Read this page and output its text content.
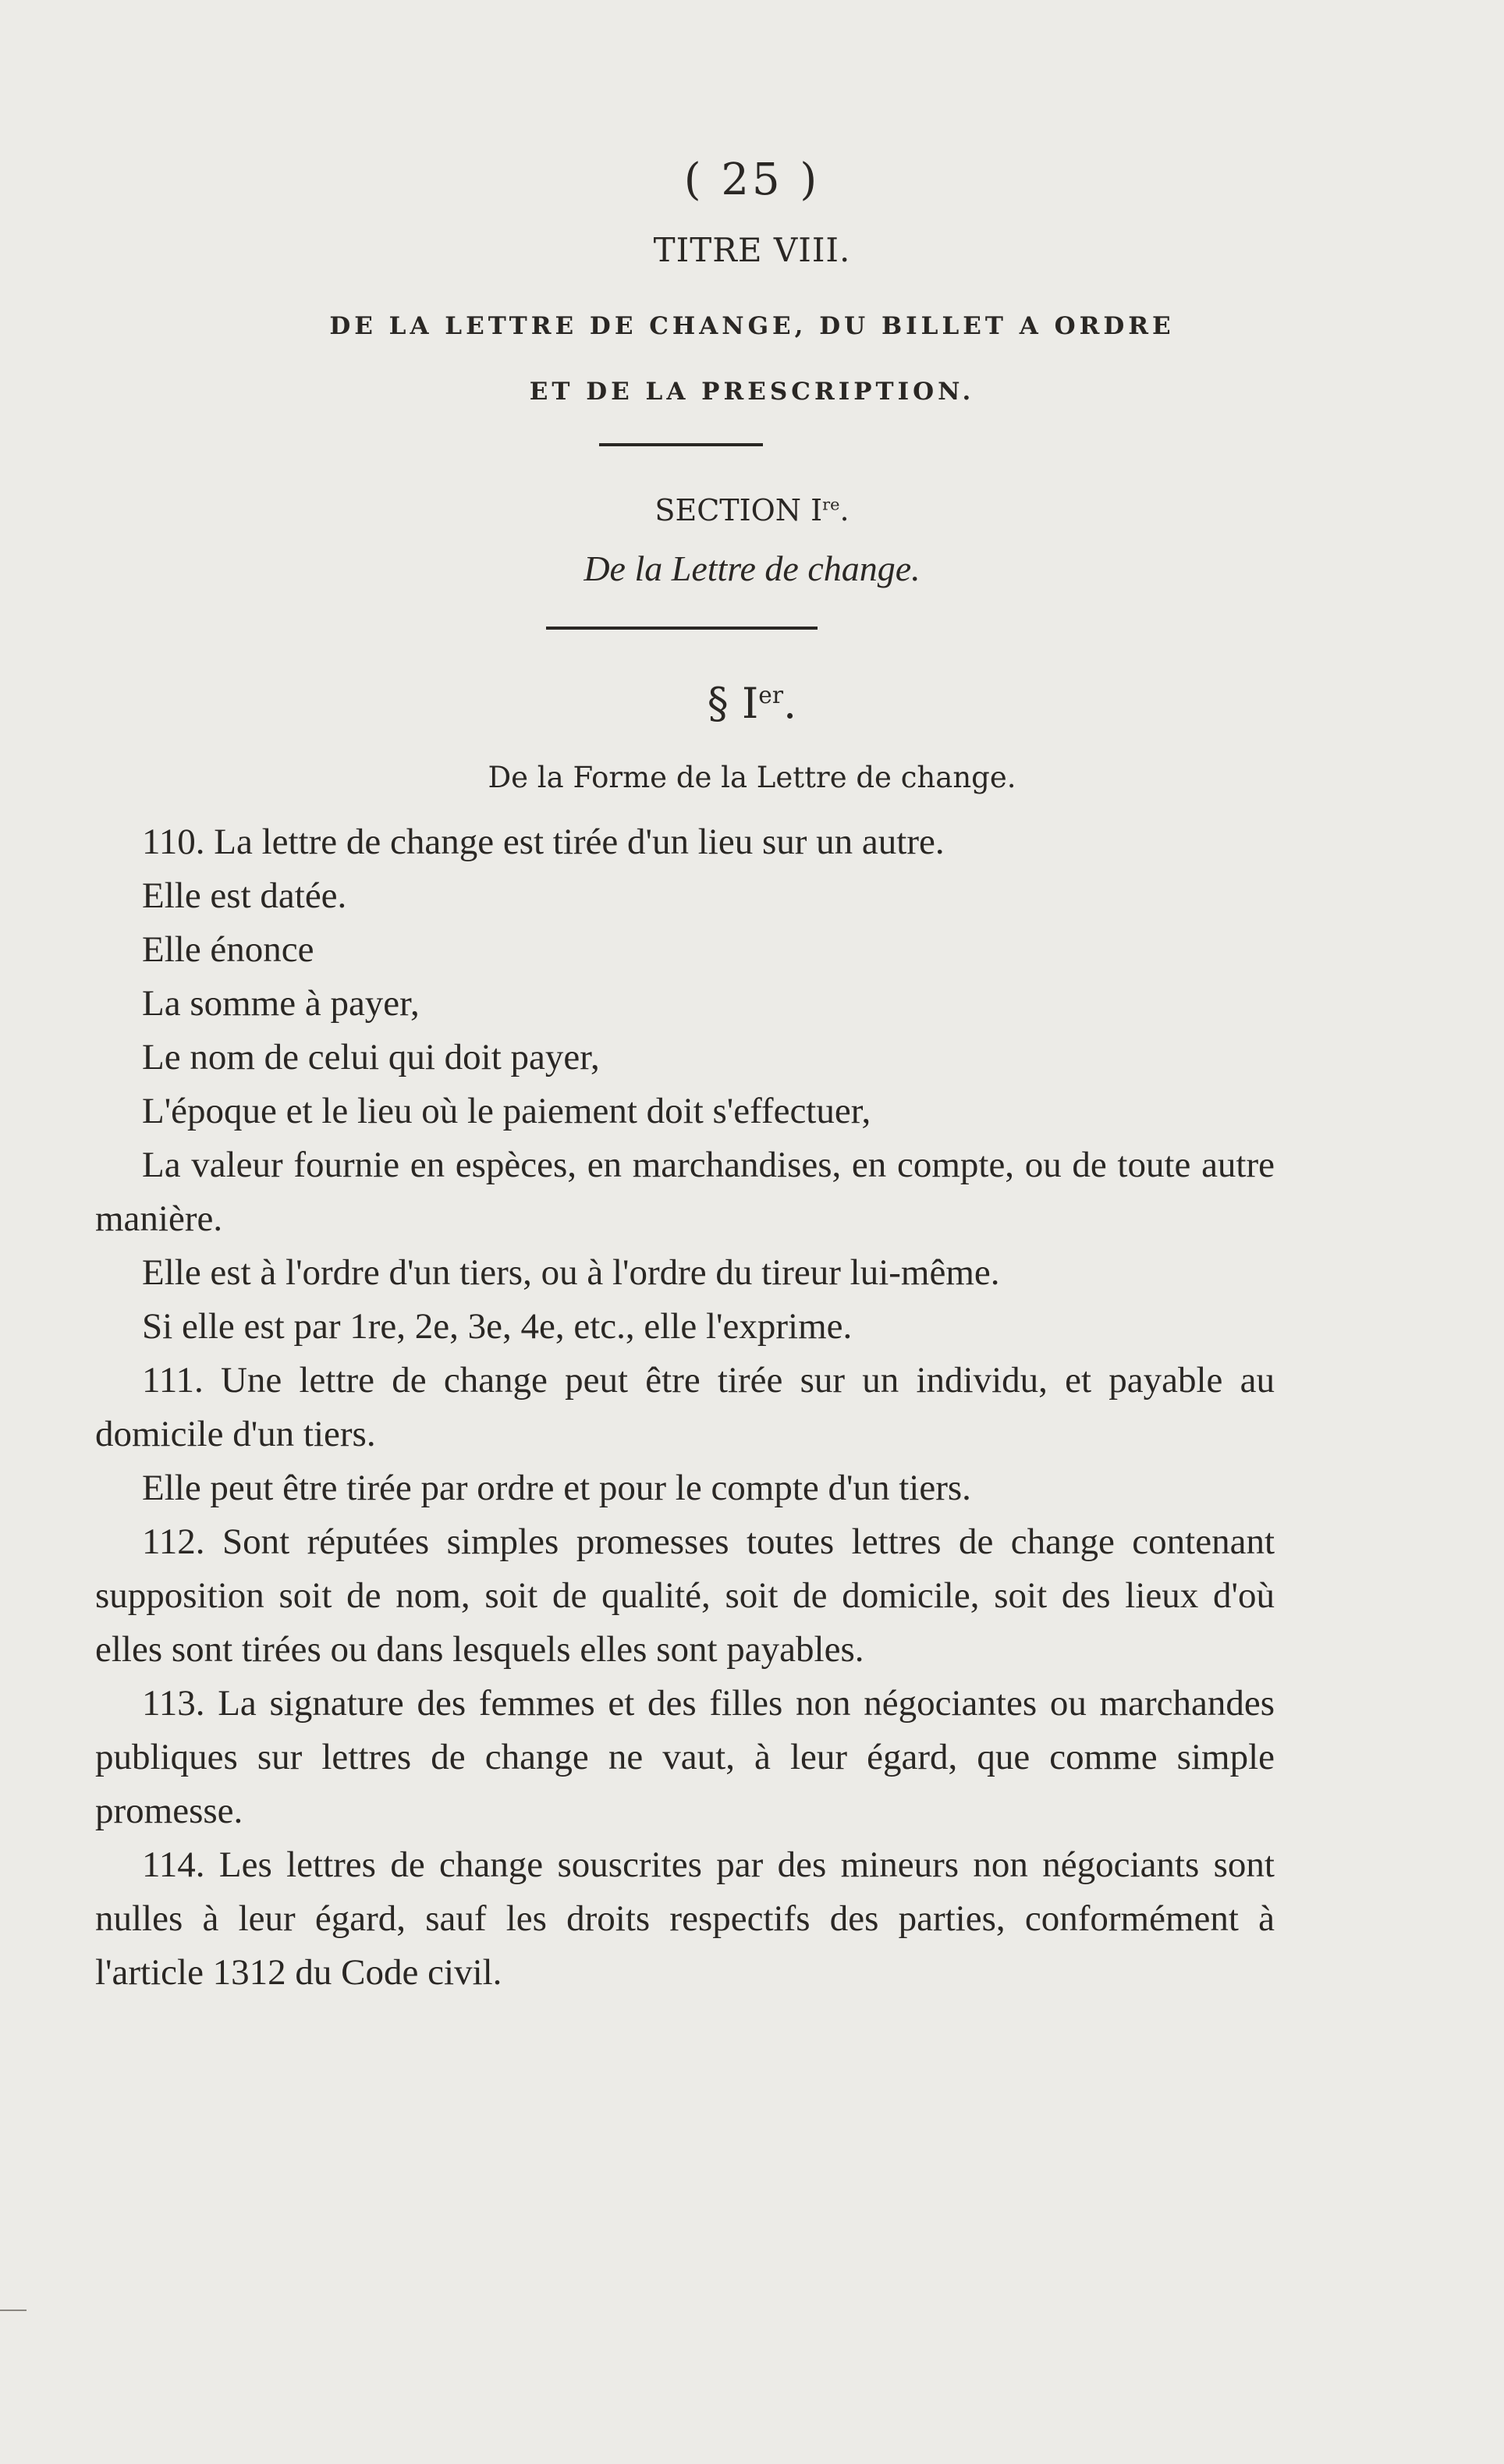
( 25 )
TITRE VIII.
DE LA LETTRE DE CHANGE, DU BILLET A ORDRE
ET DE LA PRESCRIPTION.
SECTION Ire.
De la Lettre de change.
§ Ier.
De la Forme de la Lettre de change.

110. La lettre de change est tirée d'un lieu sur un autre.

Elle est datée.

Elle énonce

La somme à payer,

Le nom de celui qui doit payer,

L'époque et le lieu où le paiement doit s'effectuer,

La valeur fournie en espèces, en marchandises, en compte, ou de toute autre manière.

Elle est à l'ordre d'un tiers, ou à l'ordre du tireur lui-même.

Si elle est par 1re, 2e, 3e, 4e, etc., elle l'exprime.

111. Une lettre de change peut être tirée sur un individu, et payable au domicile d'un tiers.

Elle peut être tirée par ordre et pour le compte d'un tiers.

112. Sont réputées simples promesses toutes lettres de change contenant supposition soit de nom, soit de qualité, soit de domicile, soit des lieux d'où elles sont tirées ou dans lesquels elles sont payables.

113. La signature des femmes et des filles non négociantes ou marchandes publiques sur lettres de change ne vaut, à leur égard, que comme simple promesse.

114. Les lettres de change souscrites par des mineurs non négociants sont nulles à leur égard, sauf les droits respectifs des parties, conformément à l'article 1312 du Code civil.
